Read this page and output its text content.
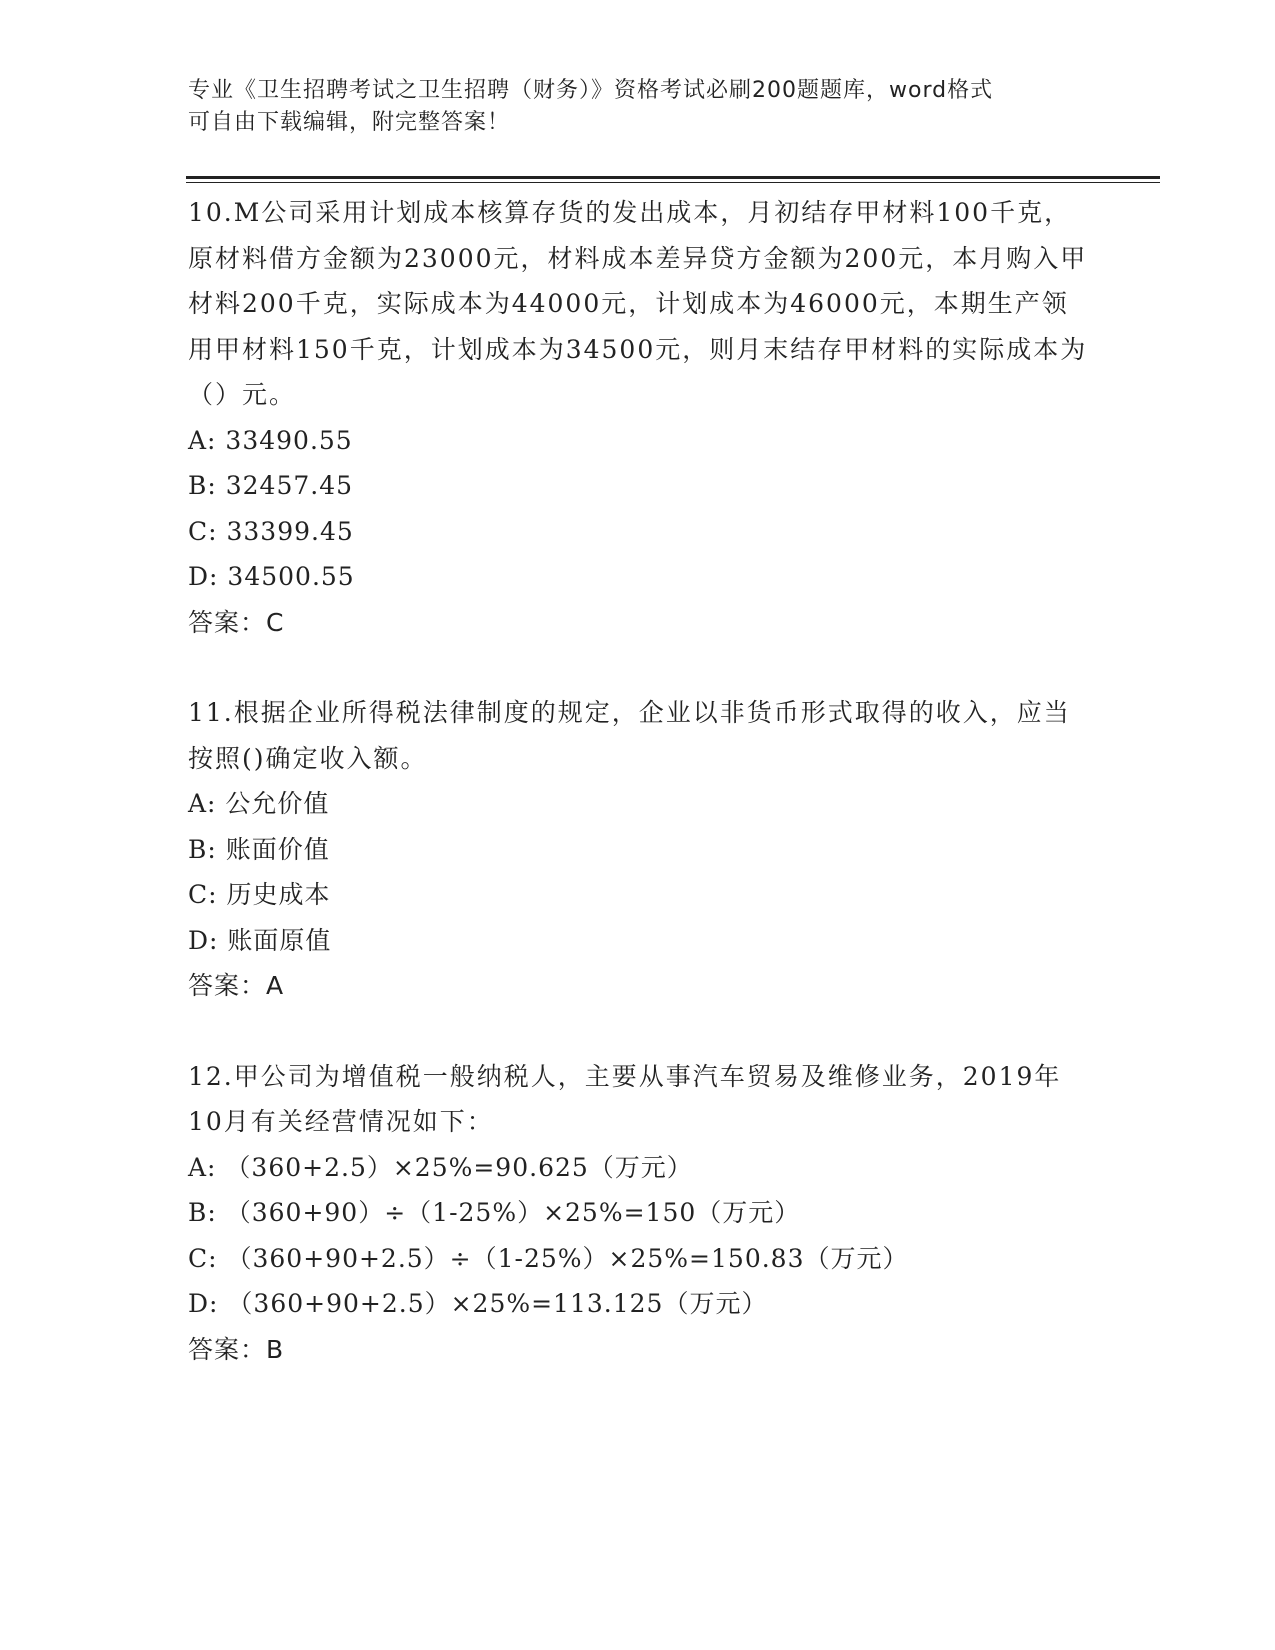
专业《卫生招聘考试之卫生招聘（财务）》资格考试必刷200题题库，word格式
可自由下载编辑，附完整答案！
10.M公司采用计划成本核算存货的发出成本，月初结存甲材料100千克，原材料借方金额为23000元，材料成本差异贷方金额为200元，本月购入甲材料200千克，实际成本为44000元，计划成本为46000元，本期生产领用甲材料150千克，计划成本为34500元，则月末结存甲材料的实际成本为（）元。
A: 33490.55
B: 32457.45
C: 33399.45
D: 34500.55
答案：C
11.根据企业所得税法律制度的规定，企业以非货币形式取得的收入，应当按照()确定收入额。
A: 公允价值
B: 账面价值
C: 历史成本
D: 账面原值
答案：A
12.甲公司为增值税一般纳税人，主要从事汽车贸易及维修业务，2019年10月有关经营情况如下：
A: （360+2.5）×25%=90.625（万元）
B: （360+90）÷（1-25%）×25%=150（万元）
C: （360+90+2.5）÷（1-25%）×25%=150.83（万元）
D: （360+90+2.5）×25%=113.125（万元）
答案：B
